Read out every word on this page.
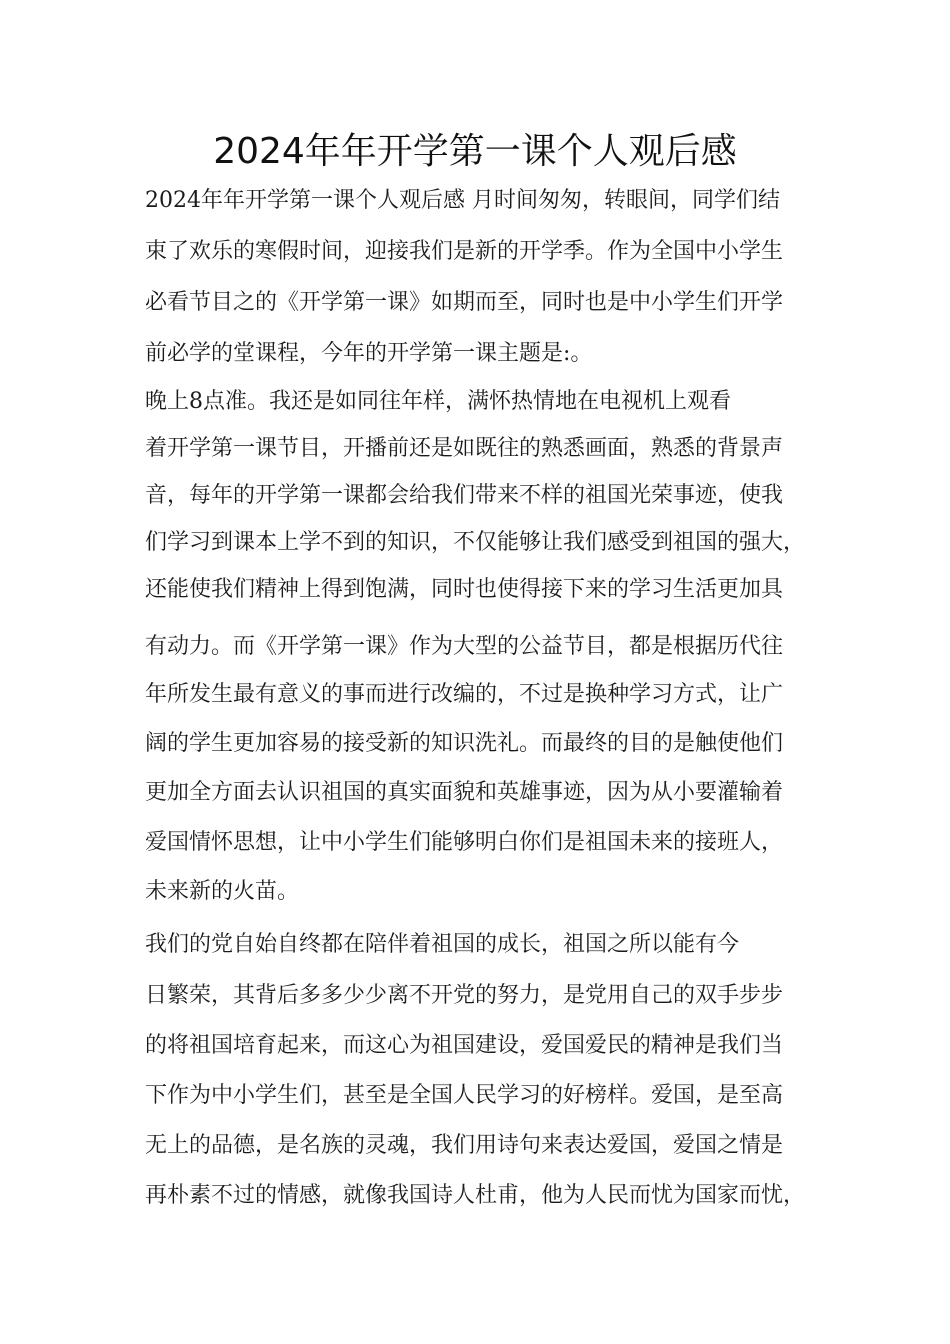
2024年年开学第一课个人观后感

2024年年开学第一课个人观后感 月时间匆匆，转眼间，同学们结

束了欢乐的寒假时间，迎接我们是新的开学季。作为全国中小学生

必看节目之的《开学第一课》如期而至，同时也是中小学生们开学

前必学的堂课程，今年的开学第一课主题是:。

晚上8点准。我还是如同往年样，满怀热情地在电视机上观看

着开学第一课节目，开播前还是如既往的熟悉画面，熟悉的背景声

音，每年的开学第一课都会给我们带来不样的祖国光荣事迹，使我

们学习到课本上学不到的知识，不仅能够让我们感受到祖国的强大，

还能使我们精神上得到饱满，同时也使得接下来的学习生活更加具

有动力。而《开学第一课》作为大型的公益节目，都是根据历代往

年所发生最有意义的事而进行改编的，不过是换种学习方式，让广

阔的学生更加容易的接受新的知识洗礼。而最终的目的是触使他们

更加全方面去认识祖国的真实面貌和英雄事迹，因为从小要灌输着

爱国情怀思想，让中小学生们能够明白你们是祖国未来的接班人，

未来新的火苗。

我们的党自始自终都在陪伴着祖国的成长，祖国之所以能有今

日繁荣，其背后多多少少离不开党的努力，是党用自己的双手步步

的将祖国培育起来，而这心为祖国建设，爱国爱民的精神是我们当

下作为中小学生们，甚至是全国人民学习的好榜样。爱国，是至高

无上的品德，是名族的灵魂，我们用诗句来表达爱国，爱国之情是

再朴素不过的情感，就像我国诗人杜甫，他为人民而忧为国家而忧，
